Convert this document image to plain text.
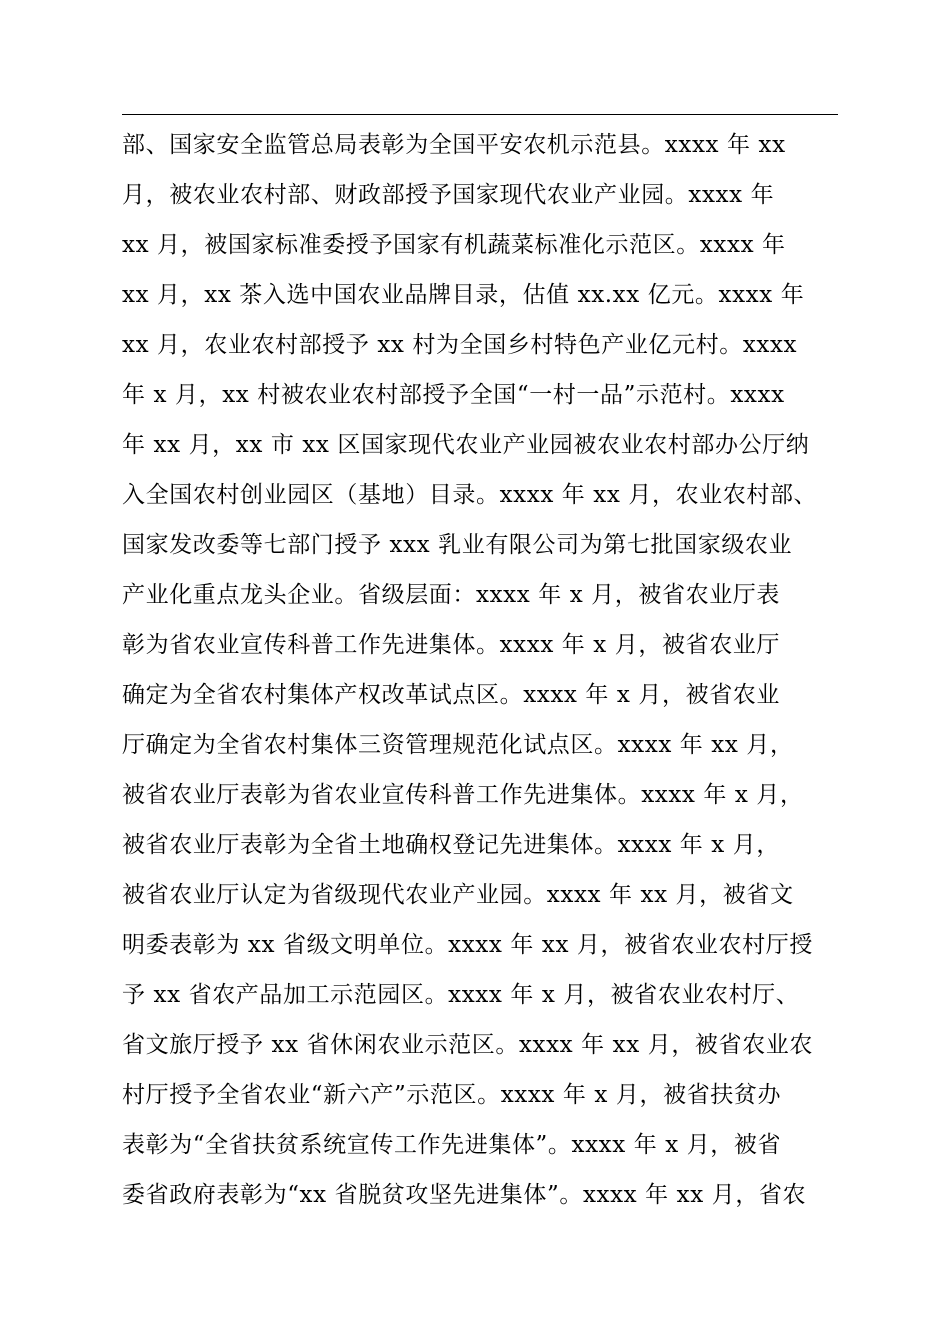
部、国家安全监管总局表彰为全国平安农机示范县。xxxx 年 xx
月，被农业农村部、财政部授予国家现代农业产业园。xxxx 年
xx 月，被国家标准委授予国家有机蔬菜标准化示范区。xxxx 年
xx 月，xx 茶入选中国农业品牌目录，估值 xx.xx 亿元。xxxx 年
xx 月，农业农村部授予 xx 村为全国乡村特色产业亿元村。xxxx
年 x 月，xx 村被农业农村部授予全国“一村一品”示范村。xxxx
年 xx 月，xx 市 xx 区国家现代农业产业园被农业农村部办公厅纳
入全国农村创业园区（基地）目录。xxxx 年 xx 月，农业农村部、
国家发改委等七部门授予 xxx 乳业有限公司为第七批国家级农业
产业化重点龙头企业。省级层面：xxxx 年 x 月，被省农业厅表
彰为省农业宣传科普工作先进集体。xxxx 年 x 月，被省农业厅
确定为全省农村集体产权改革试点区。xxxx 年 x 月，被省农业
厅确定为全省农村集体三资管理规范化试点区。xxxx 年 xx 月，
被省农业厅表彰为省农业宣传科普工作先进集体。xxxx 年 x 月，
被省农业厅表彰为全省土地确权登记先进集体。xxxx 年 x 月，
被省农业厅认定为省级现代农业产业园。xxxx 年 xx 月，被省文
明委表彰为 xx 省级文明单位。xxxx 年 xx 月，被省农业农村厅授
予 xx 省农产品加工示范园区。xxxx 年 x 月，被省农业农村厅、
省文旅厅授予 xx 省休闲农业示范区。xxxx 年 xx 月，被省农业农
村厅授予全省农业“新六产”示范区。xxxx 年 x 月，被省扶贫办
表彰为“全省扶贫系统宣传工作先进集体”。xxxx 年 x 月，被省
委省政府表彰为“xx 省脱贫攻坚先进集体”。xxxx 年 xx 月，省农
